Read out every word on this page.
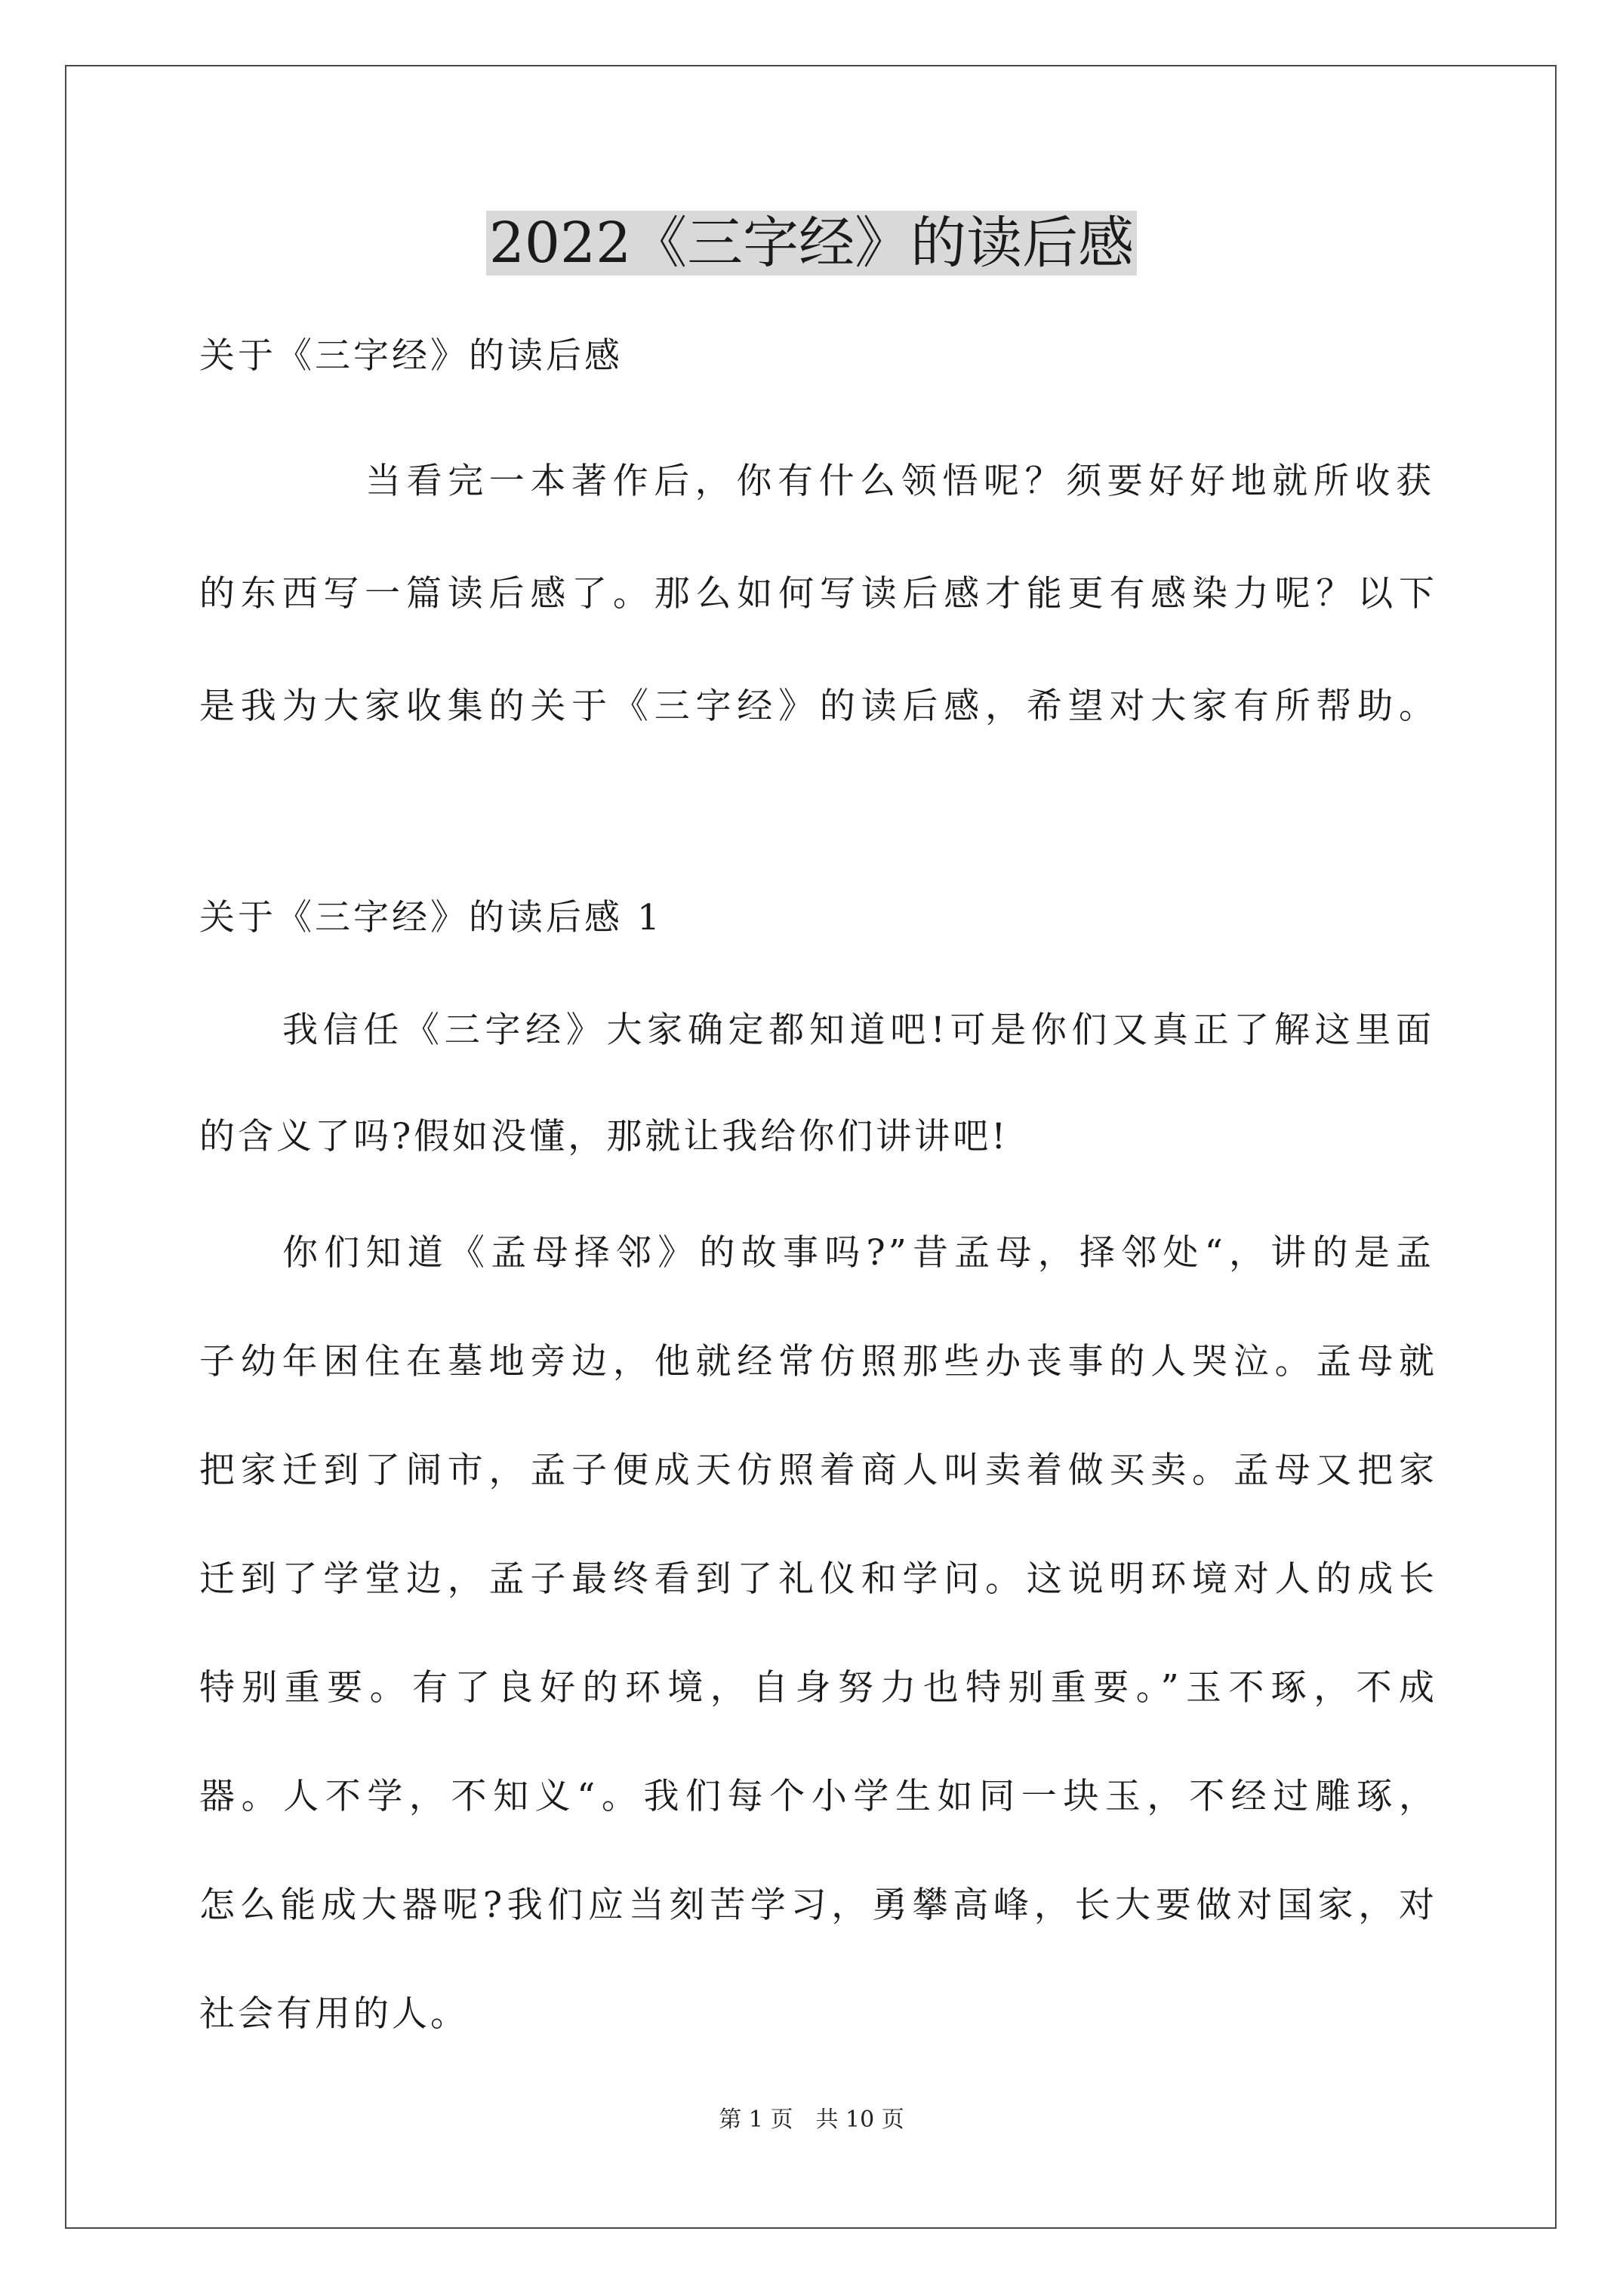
2022《三字经》的读后感
关于《三字经》的读后感
当看完一本著作后，你有什么领悟呢？须要好好地就所收获
的东西写一篇读后感了。那么如何写读后感才能更有感染力呢？以下
是我为大家收集的关于《三字经》的读后感，希望对大家有所帮助。
关于《三字经》的读后感 1
我信任《三字经》大家确定都知道吧!可是你们又真正了解这里面
的含义了吗?假如没懂，那就让我给你们讲讲吧!
你们知道《孟母择邻》的故事吗?”昔孟母，择邻处“，讲的是孟
子幼年困住在墓地旁边，他就经常仿照那些办丧事的人哭泣。孟母就
把家迁到了闹市，孟子便成天仿照着商人叫卖着做买卖。孟母又把家
迁到了学堂边，孟子最终看到了礼仪和学问。这说明环境对人的成长
特别重要。有了良好的环境，自身努力也特别重要。”玉不琢，不成
器。人不学，不知义“。我们每个小学生如同一块玉，不经过雕琢，
怎么能成大器呢?我们应当刻苦学习，勇攀高峰，长大要做对国家，对
社会有用的人。
第 1 页　共 10 页
